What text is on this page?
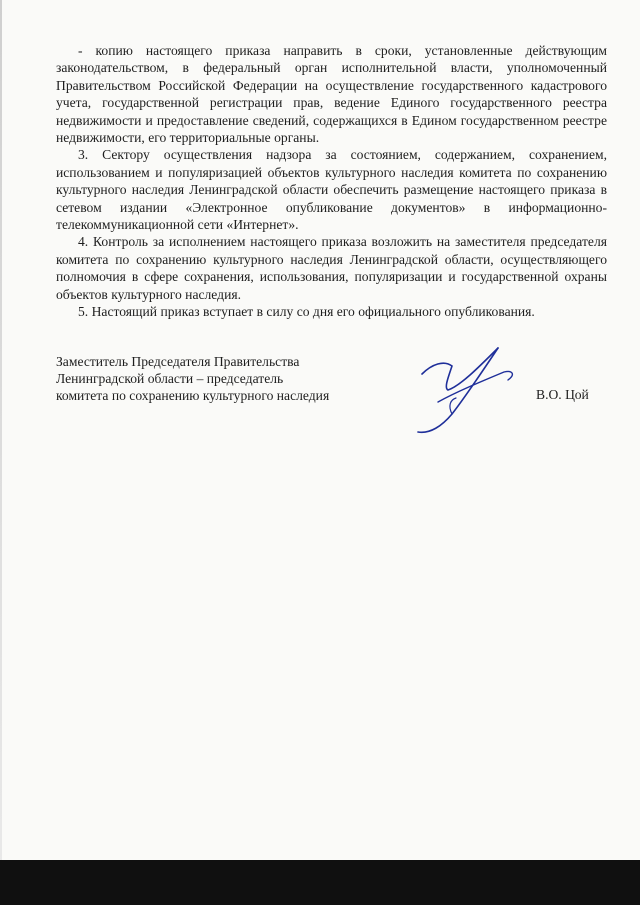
- копию настоящего приказа направить в сроки, установленные действующим законодательством, в федеральный орган исполнительной власти, уполномоченный Правительством Российской Федерации на осуществление государственного кадастрового учета, государственной регистрации прав, ведение Единого государственного реестра недвижимости и предоставление сведений, содержащихся в Едином государственном реестре недвижимости, его территориальные органы.

3. Сектору осуществления надзора за состоянием, содержанием, сохранением, использованием и популяризацией объектов культурного наследия комитета по сохранению культурного наследия Ленинградской области обеспечить размещение настоящего приказа в сетевом издании «Электронное опубликование документов» в информационно-телекоммуникационной сети «Интернет».

4. Контроль за исполнением настоящего приказа возложить на заместителя председателя комитета по сохранению культурного наследия Ленинградской области, осуществляющего полномочия в сфере сохранения, использования, популяризации и государственной охраны объектов культурного наследия.

5. Настоящий приказ вступает в силу со дня его официального опубликования.

Заместитель Председателя Правительства
Ленинградской области – председатель
комитета по сохранению культурного наследия	В.О. Цой
